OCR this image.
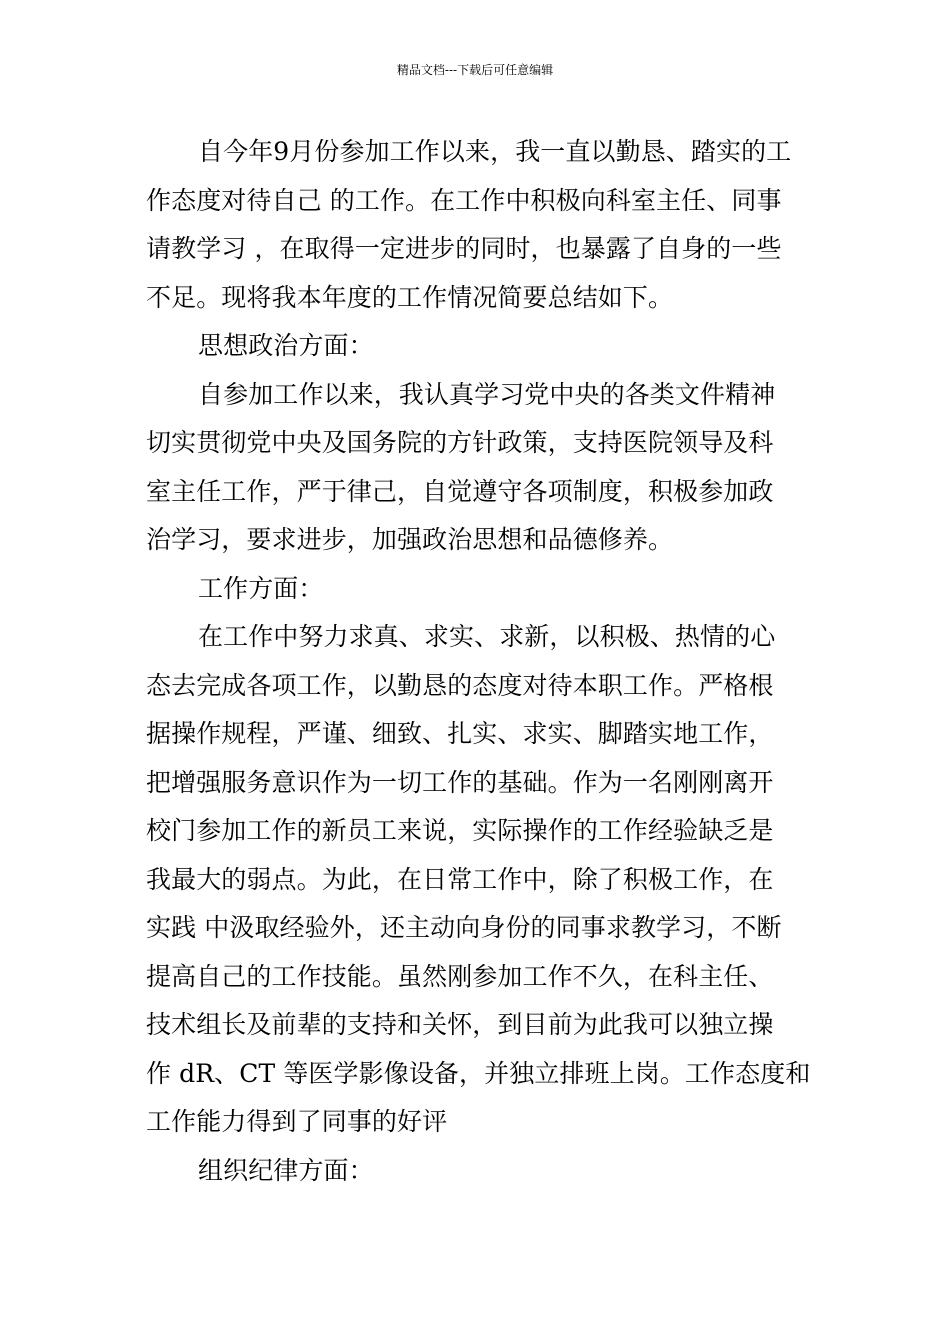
精品文档---下载后可任意编辑
自今年9月份参加工作以来，我一直以勤恳、踏实的工
作态度对待自己 的工作。在工作中积极向科室主任、同事
请教学习 ，在取得一定进步的同时，也暴露了自身的一些
不足。现将我本年度的工作情况简要总结如下。
思想政治方面：
自参加工作以来，我认真学习党中央的各类文件精神
切实贯彻党中央及国务院的方针政策，支持医院领导及科
室主任工作，严于律己，自觉遵守各项制度，积极参加政
治学习，要求进步，加强政治思想和品德修养。
工作方面：
在工作中努力求真、求实、求新，以积极、热情的心
态去完成各项工作，以勤恳的态度对待本职工作。严格根
据操作规程，严谨、细致、扎实、求实、脚踏实地工作，
把增强服务意识作为一切工作的基础。作为一名刚刚离开
校门参加工作的新员工来说，实际操作的工作经验缺乏是
我最大的弱点。为此，在日常工作中，除了积极工作，在
实践 中汲取经验外，还主动向身份的同事求教学习，不断
提高自己的工作技能。虽然刚参加工作不久，在科主任、
技术组长及前辈的支持和关怀，到目前为此我可以独立操
作 dR、CT 等医学影像设备，并独立排班上岗。工作态度和
工作能力得到了同事的好评
组织纪律方面：
